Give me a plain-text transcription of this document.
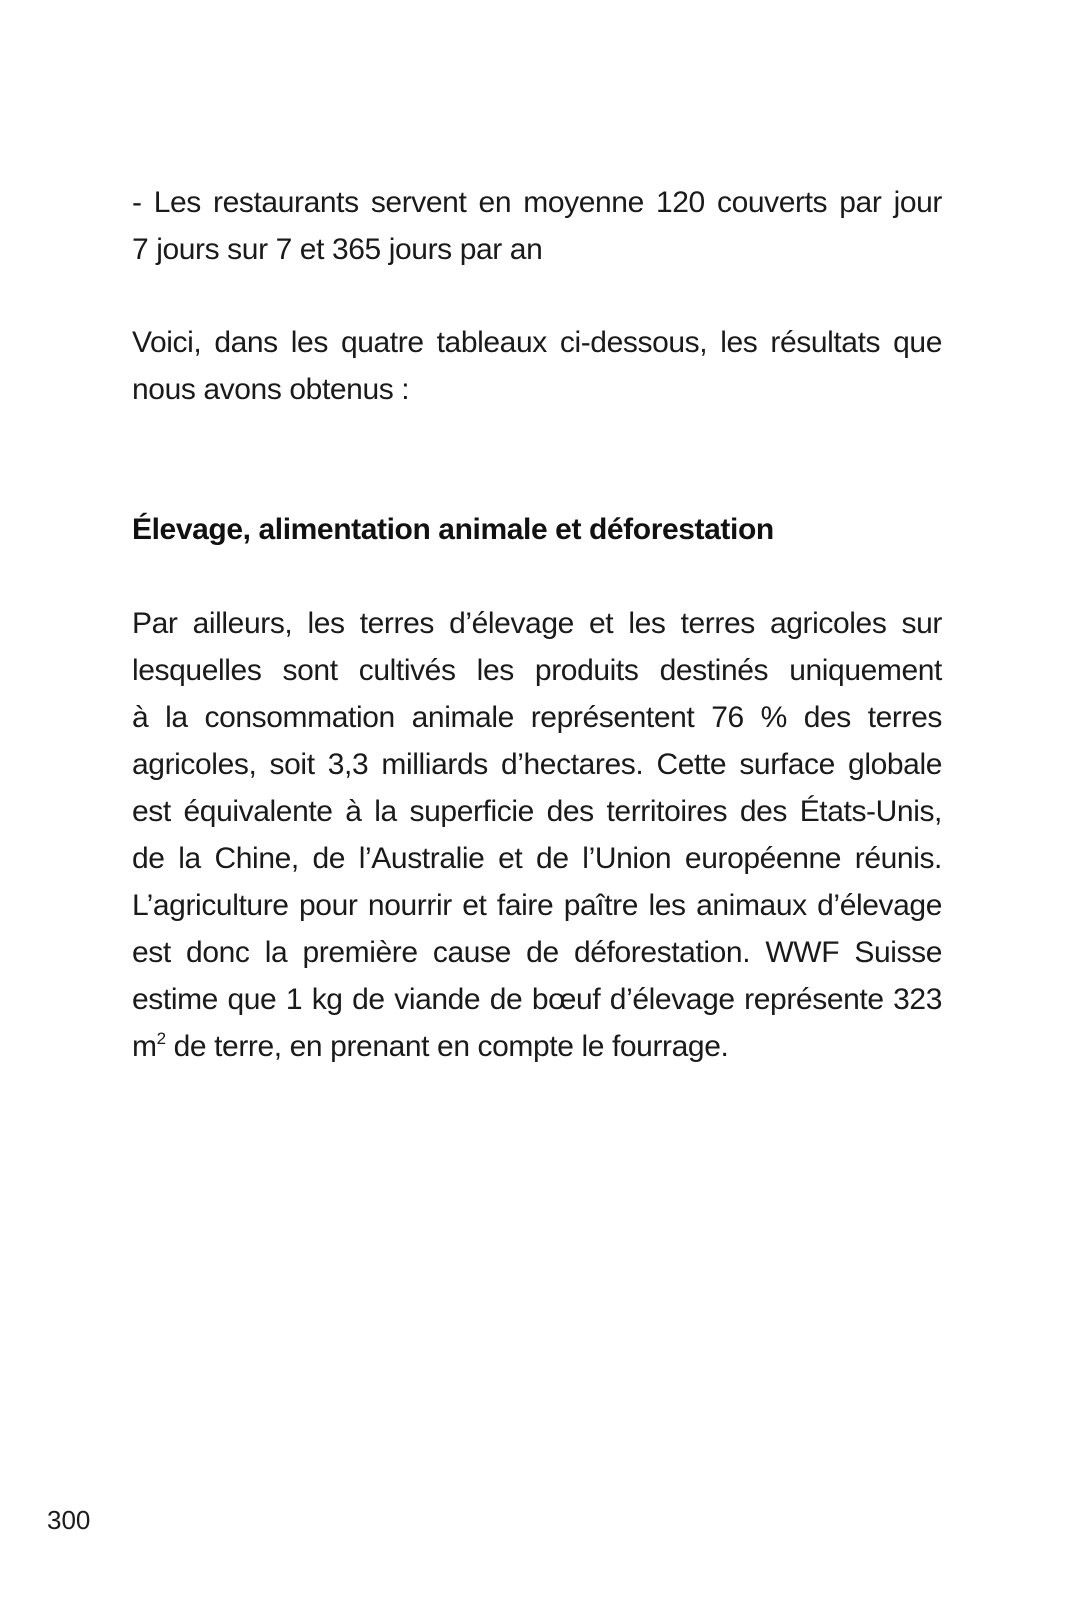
- Les restaurants servent en moyenne 120 couverts par jour
7 jours sur 7 et 365 jours par an

Voici, dans les quatre tableaux ci-dessous, les résultats que
nous avons obtenus :

Élevage, alimentation animale et déforestation

Par ailleurs, les terres d’élevage et les terres agricoles sur
lesquelles sont cultivés les produits destinés uniquement
à la consommation animale représentent 76 % des terres
agricoles, soit 3,3 milliards d’hectares. Cette surface globale
est équivalente à la superficie des territoires des États-Unis,
de la Chine, de l’Australie et de l’Union européenne réunis.
L’agriculture pour nourrir et faire paître les animaux d’élevage
est donc la première cause de déforestation. WWF Suisse
estime que 1 kg de viande de bœuf d’élevage représente 323
$m^2$ de terre, en prenant en compte le fourrage.

300
